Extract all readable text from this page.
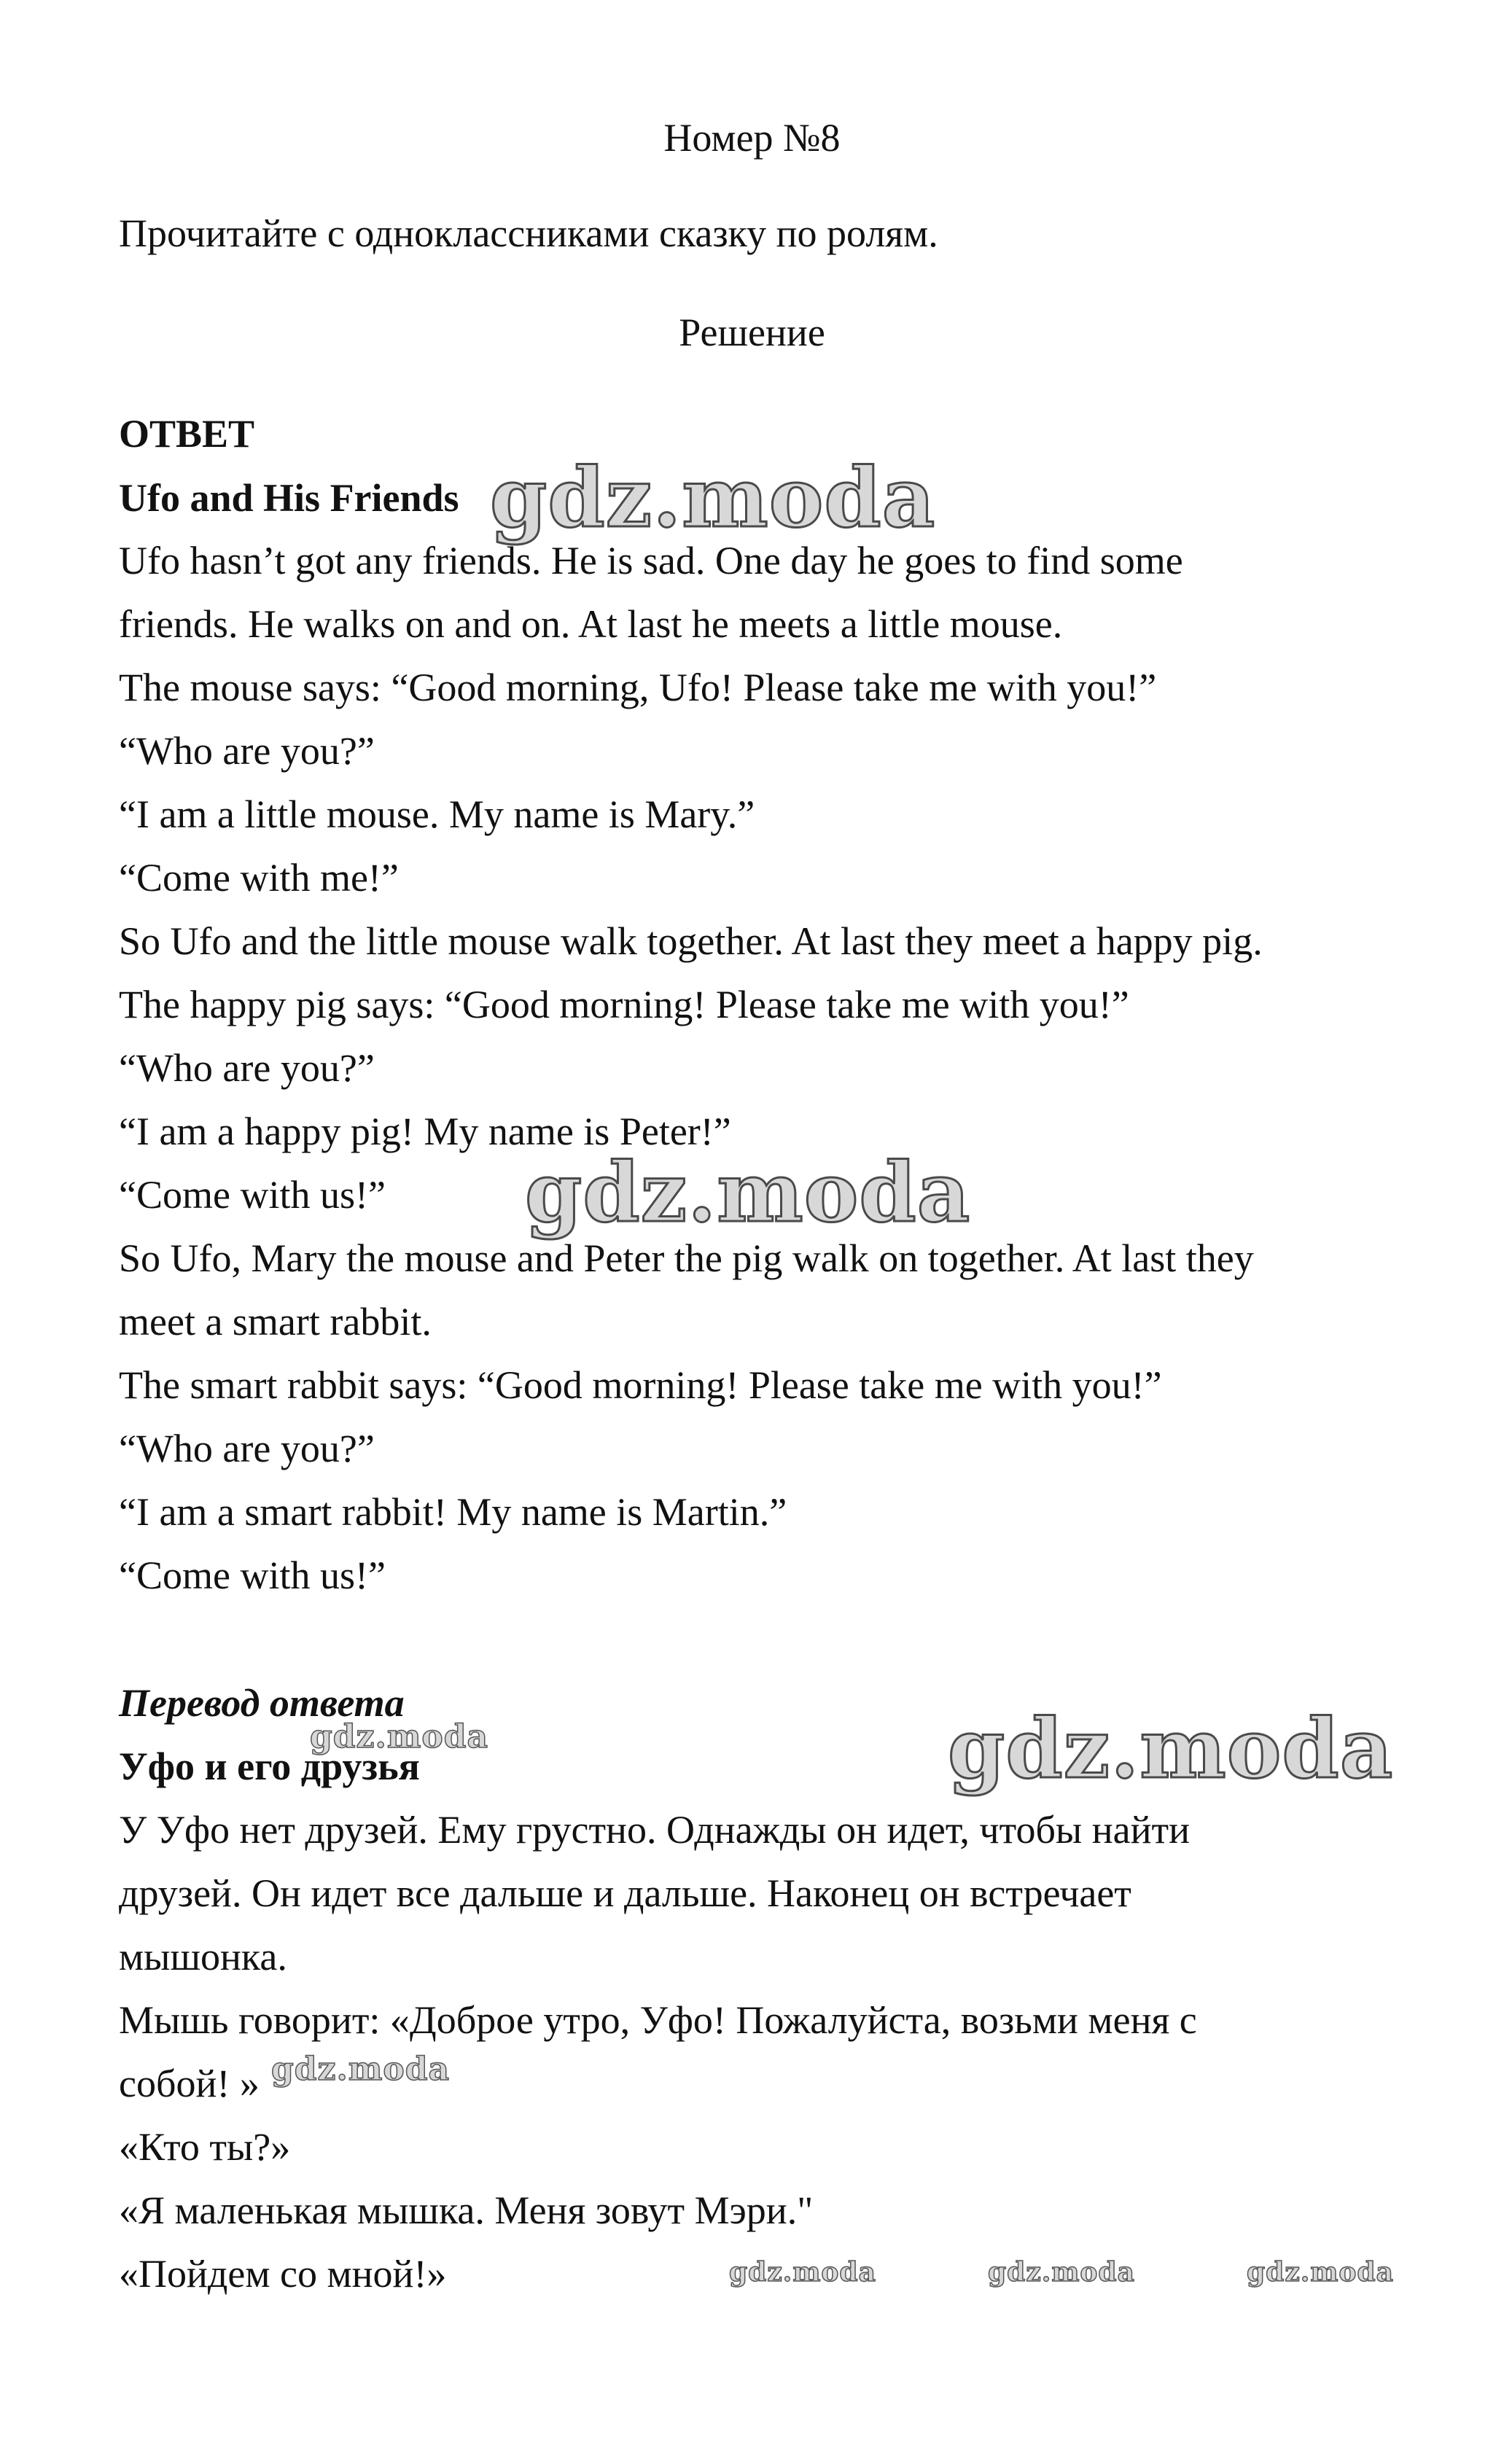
Номер №8
Прочитайте с одноклассниками сказку по ролям.
Решение
ОТВЕТ
Ufo and His Friends
Ufo hasn’t got any friends. He is sad. One day he goes to find some
friends. He walks on and on. At last he meets a little mouse.
The mouse says: “Good morning, Ufo! Please take me with you!”
“Who are you?”
“I am a little mouse. My name is Mary.”
“Come with me!”
So Ufo and the little mouse walk together. At last they meet a happy pig.
The happy pig says: “Good morning! Please take me with you!”
“Who are you?”
“I am a happy pig! My name is Peter!”
“Come with us!”
So Ufo, Mary the mouse and Peter the pig walk on together. At last they
meet a smart rabbit.
The smart rabbit says: “Good morning! Please take me with you!”
“Who are you?”
“I am a smart rabbit! My name is Martin.”
“Come with us!”
Перевод ответа
Уфо и его друзья
У Уфо нет друзей. Ему грустно. Однажды он идет, чтобы найти
друзей. Он идет все дальше и дальше. Наконец он встречает
мышонка.
Мышь говорит: «Доброе утро, Уфо! Пожалуйста, возьми меня с
собой! »
«Кто ты?»
«Я маленькая мышка. Меня зовут Мэри."
«Пойдем со мной!»
gdz.moda
gdz.moda
gdz.moda
gdz.moda
gdz.moda
gdz.moda	gdz.moda	gdz.moda
